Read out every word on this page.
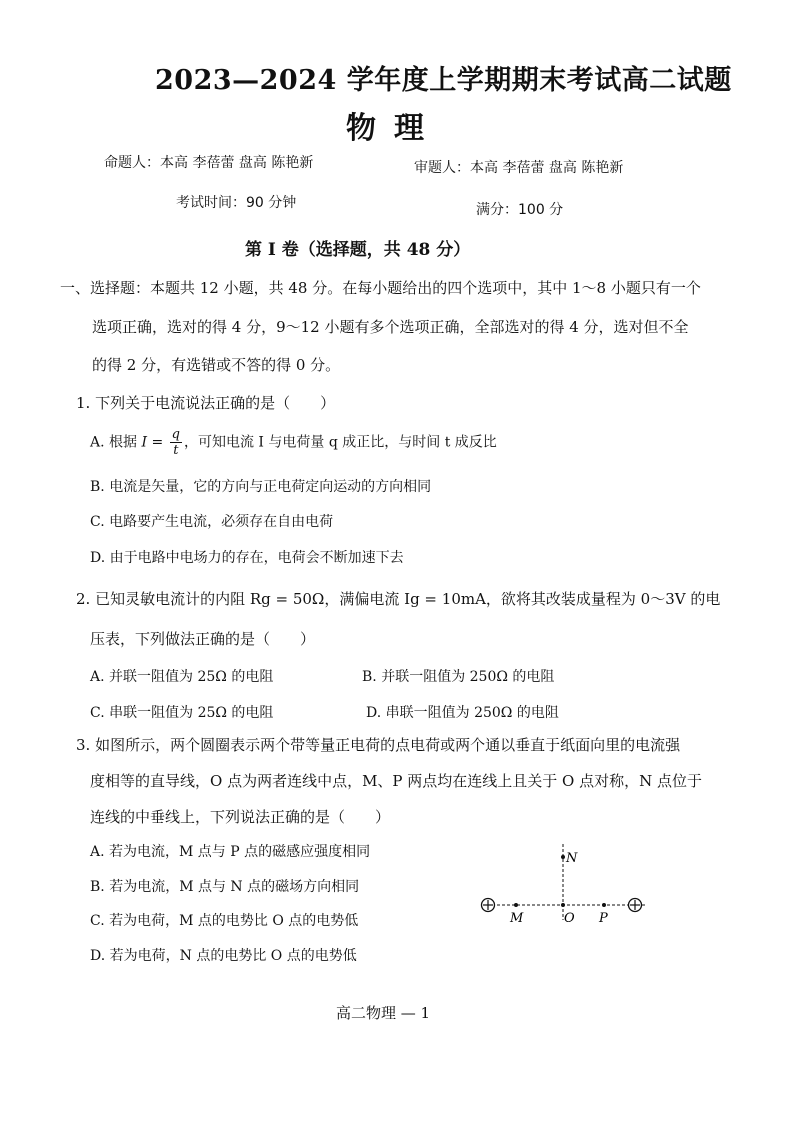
2023—2024 学年度上学期期末考试高二试题
物理
命题人：本高 李蓓蕾 盘高 陈艳新	审题人：本高 李蓓蕾 盘高 陈艳新
考试时间：90 分钟	满分：100 分
第 Ⅰ 卷（选择题，共 48 分）
一、选择题：本题共 12 小题，共 48 分。在每小题给出的四个选项中，其中 1～8 小题只有一个
选项正确，选对的得 4 分，9～12 小题有多个选项正确，全部选对的得 4 分，选对但不全
的得 2 分，有选错或不答的得 0 分。
1. 下列关于电流说法正确的是（　　）
A. 根据 $I = \frac{q}{t}$ ，可知电流 I 与电荷量 q 成正比，与时间 t 成反比
B. 电流是矢量，它的方向与正电荷定向运动的方向相同
C. 电路要产生电流，必须存在自由电荷
D. 由于电路中电场力的存在，电荷会不断加速下去
2. 已知灵敏电流计的内阻 Rg = 50Ω，满偏电流 Ig = 10mA，欲将其改装成量程为 0～3V 的电
压表，下列做法正确的是（　　）
A. 并联一阻值为 25Ω 的电阻	B. 并联一阻值为 250Ω 的电阻
C. 串联一阻值为 25Ω 的电阻	D. 串联一阻值为 250Ω 的电阻
3. 如图所示，两个圆圈表示两个带等量正电荷的点电荷或两个通以垂直于纸面向里的电流强
度相等的直导线，O 点为两者连线中点，M、P 两点均在连线上且关于 O 点对称，N 点位于
连线的中垂线上，下列说法正确的是（　　）
A. 若为电流，M 点与 P 点的磁感应强度相同
B. 若为电流，M 点与 N 点的磁场方向相同
C. 若为电荷，M 点的电势比 O 点的电势低
D. 若为电荷，N 点的电势比 O 点的电势低
N
M	O P
高二物理 — 1
